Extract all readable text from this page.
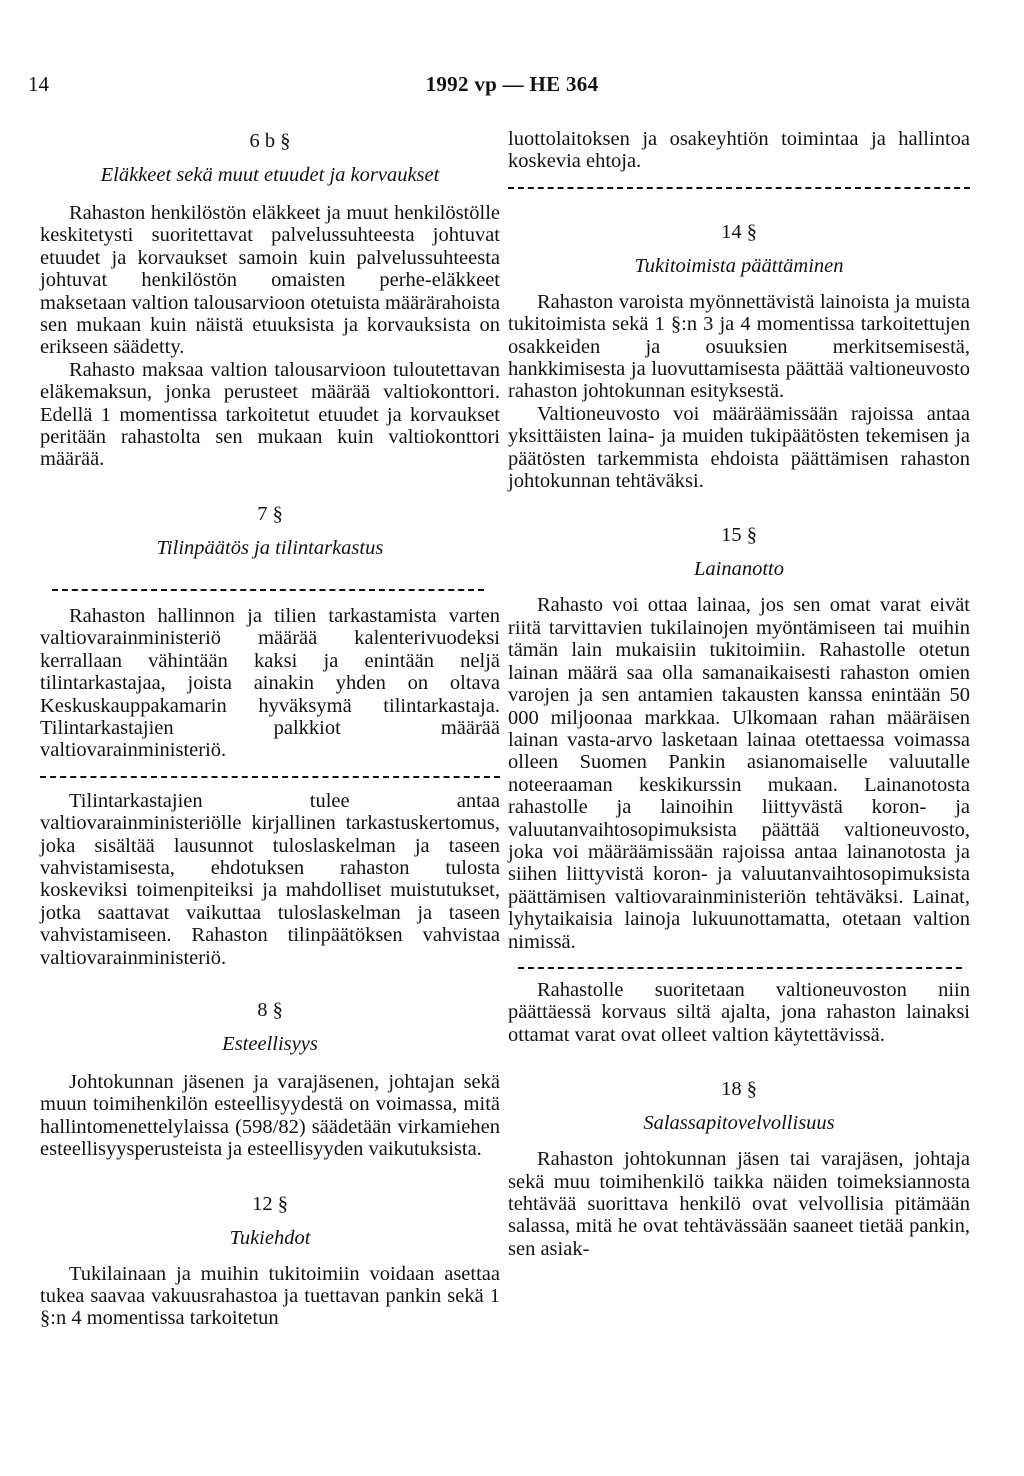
14	1992 vp — HE 364
6 b §
Eläkkeet sekä muut etuudet ja korvaukset

Rahaston henkilöstön eläkkeet ja muut henkilöstölle keskitetysti suoritettavat palvelussuhteesta johtuvat etuudet ja korvaukset samoin kuin palvelussuhteesta johtuvat henkilöstön omaisten perhe-eläkkeet maksetaan valtion talousarvioon otetuista määrärahoista sen mukaan kuin näistä etuuksista ja korvauksista on erikseen säädetty.

Rahasto maksaa valtion talousarvioon tuloutettavan eläkemaksun, jonka perusteet määrää valtiokonttori. Edellä 1 momentissa tarkoitetut etuudet ja korvaukset peritään rahastolta sen mukaan kuin valtiokonttori määrää.

7 §
Tilinpäätös ja tilintarkastus

Rahaston hallinnon ja tilien tarkastamista varten valtiovarainministeriö määrää kalenterivuodeksi kerrallaan vähintään kaksi ja enintään neljä tilintarkastajaa, joista ainakin yhden on oltava Keskuskauppakamarin hyväksymä tilintarkastaja. Tilintarkastajien palkkiot määrää valtiovarainministeriö.

Tilintarkastajien tulee antaa valtiovarainministeriölle kirjallinen tarkastuskertomus, joka sisältää lausunnot tuloslaskelman ja taseen vahvistamisesta, ehdotuksen rahaston tulosta koskeviksi toimenpiteiksi ja mahdolliset muistutukset, jotka saattavat vaikuttaa tuloslaskelman ja taseen vahvistamiseen. Rahaston tilinpäätöksen vahvistaa valtiovarainministeriö.

8 §
Esteellisyys

Johtokunnan jäsenen ja varajäsenen, johtajan sekä muun toimihenkilön esteellisyydestä on voimassa, mitä hallintomenettelylaissa (598/82) säädetään virkamiehen esteellisyysperusteista ja esteellisyyden vaikutuksista.

12 §
Tukiehdot

Tukilainaan ja muihin tukitoimiin voidaan asettaa tukea saavaa vakuusrahastoa ja tuettavan pankin sekä 1 §:n 4 momentissa tarkoitetun

luottolaitoksen ja osakeyhtiön toimintaa ja hallintoa koskevia ehtoja.

14 §
Tukitoimista päättäminen

Rahaston varoista myönnettävistä lainoista ja muista tukitoimista sekä 1 §:n 3 ja 4 momentissa tarkoitettujen osakkeiden ja osuuksien merkitsemisestä, hankkimisesta ja luovuttamisesta päättää valtioneuvosto rahaston johtokunnan esityksestä.

Valtioneuvosto voi määräämissään rajoissa antaa yksittäisten laina- ja muiden tukipäätösten tekemisen ja päätösten tarkemmista ehdoista päättämisen rahaston johtokunnan tehtäväksi.

15 §
Lainanotto

Rahasto voi ottaa lainaa, jos sen omat varat eivät riitä tarvittavien tukilainojen myöntämiseen tai muihin tämän lain mukaisiin tukitoimiin. Rahastolle otetun lainan määrä saa olla samanaikaisesti rahaston omien varojen ja sen antamien takausten kanssa enintään 50 000 miljoonaa markkaa. Ulkomaan rahan määräisen lainan vasta-arvo lasketaan lainaa otettaessa voimassa olleen Suomen Pankin asianomaiselle valuutalle noteeraaman keskikurssin mukaan. Lainanotosta rahastolle ja lainoihin liittyvästä koron- ja valuutanvaihtosopimuksista päättää valtioneuvosto, joka voi määräämissään rajoissa antaa lainanotosta ja siihen liittyvistä koron- ja valuutanvaihtosopimuksista päättämisen valtiovarainministeriön tehtäväksi. Lainat, lyhytaikaisia lainoja lukuunottamatta, otetaan valtion nimissä.

Rahastolle suoritetaan valtioneuvoston niin päättäessä korvaus siltä ajalta, jona rahaston lainaksi ottamat varat ovat olleet valtion käytettävissä.

18 §
Salassapitovelvollisuus

Rahaston johtokunnan jäsen tai varajäsen, johtaja sekä muu toimihenkilö taikka näiden toimeksiannosta tehtävää suorittava henkilö ovat velvollisia pitämään salassa, mitä he ovat tehtävässään saaneet tietää pankin, sen asiak-
